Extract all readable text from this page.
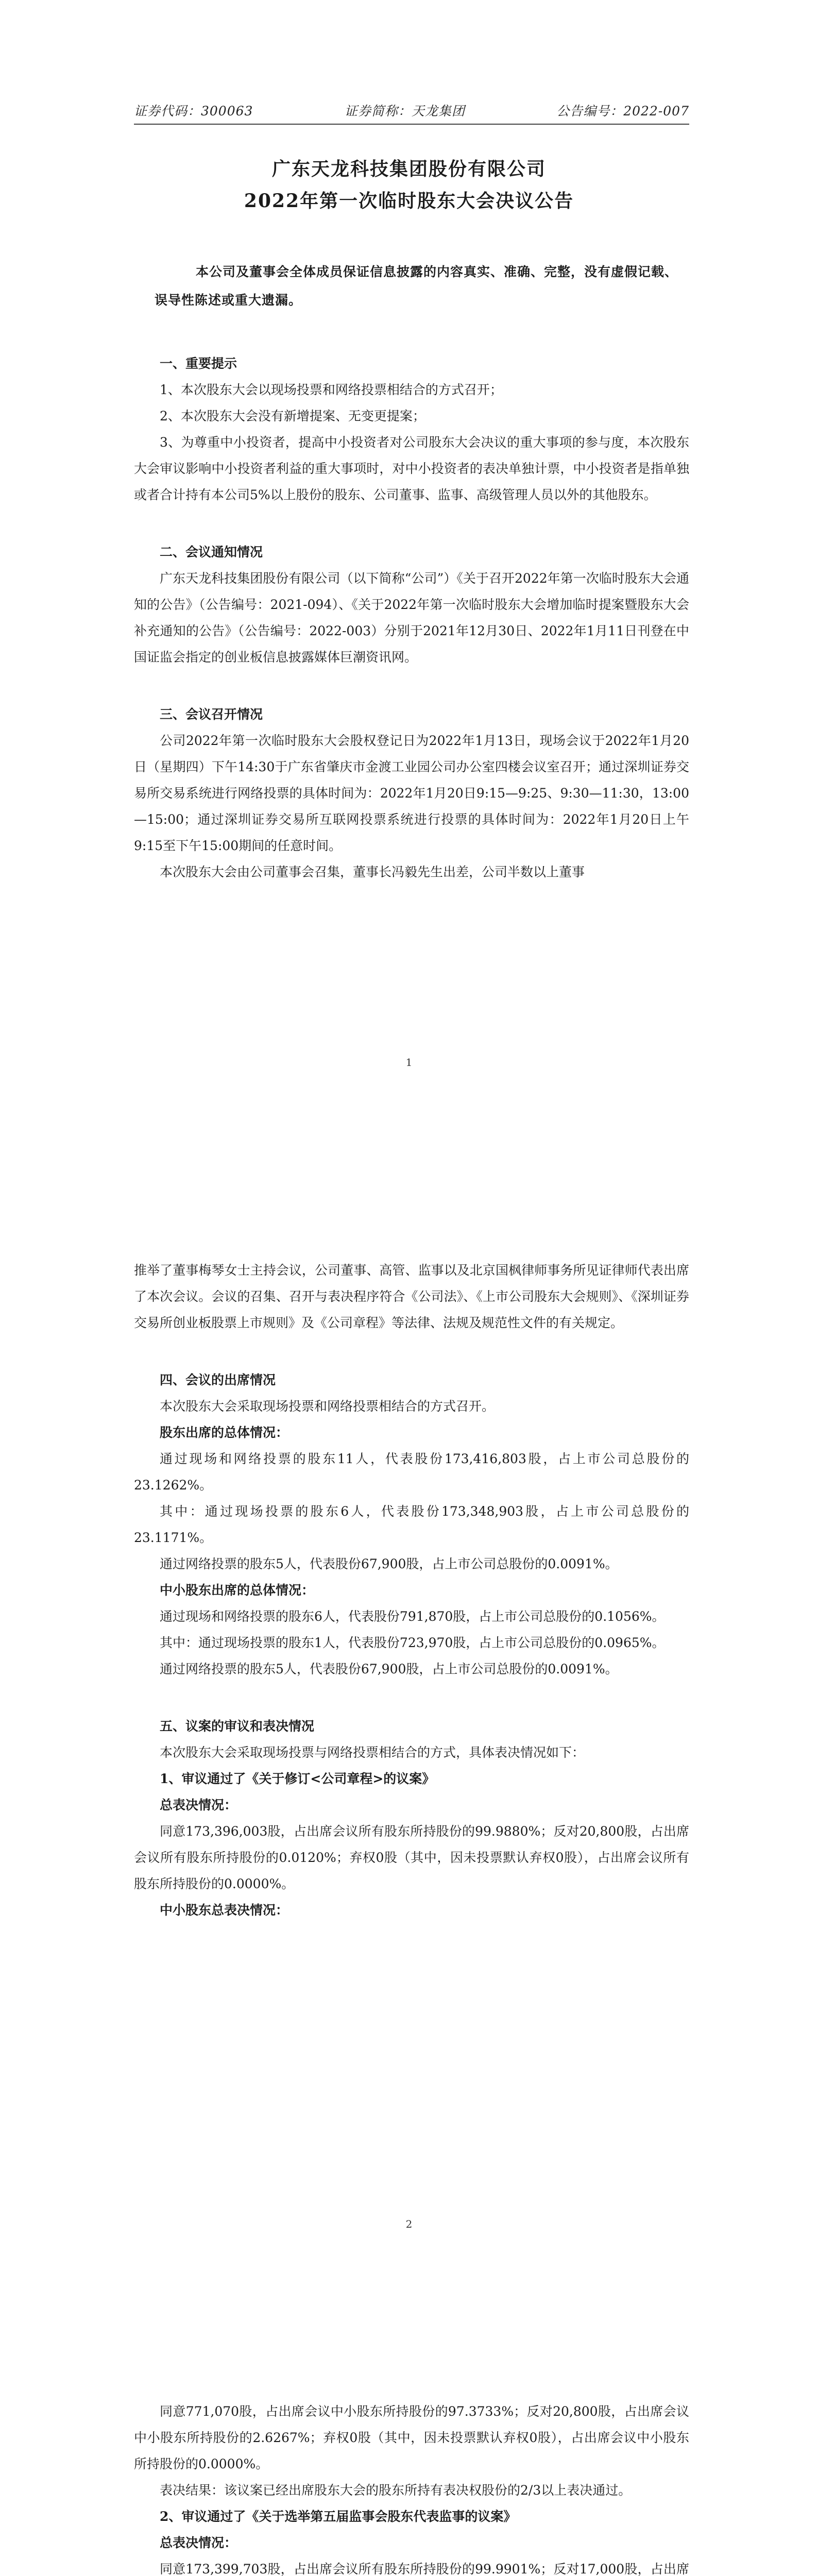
证券代码：300063	证券简称：天龙集团	公告编号：2022-007
广东天龙科技集团股份有限公司
2022年第一次临时股东大会决议公告

本公司及董事会全体成员保证信息披露的内容真实、准确、完整，没有虚假记载、误导性陈述或重大遗漏。

一、重要提示

1、本次股东大会以现场投票和网络投票相结合的方式召开；

2、本次股东大会没有新增提案、无变更提案；

3、为尊重中小投资者，提高中小投资者对公司股东大会决议的重大事项的参与度，本次股东大会审议影响中小投资者利益的重大事项时，对中小投资者的表决单独计票，中小投资者是指单独或者合计持有本公司5%以上股份的股东、公司董事、监事、高级管理人员以外的其他股东。

二、会议通知情况

广东天龙科技集团股份有限公司（以下简称“公司”）《关于召开2022年第一次临时股东大会通知的公告》（公告编号：2021-094）、《关于2022年第一次临时股东大会增加临时提案暨股东大会补充通知的公告》（公告编号：2022-003）分别于2021年12月30日、2022年1月11日刊登在中国证监会指定的创业板信息披露媒体巨潮资讯网。

三、会议召开情况

公司2022年第一次临时股东大会股权登记日为2022年1月13日，现场会议于2022年1月20日（星期四）下午14:30于广东省肇庆市金渡工业园公司办公室四楼会议室召开；通过深圳证券交易所交易系统进行网络投票的具体时间为：2022年1月20日9:15—9:25、9:30—11:30，13:00—15:00；通过深圳证券交易所互联网投票系统进行投票的具体时间为：2022年1月20日上午9:15至下午15:00期间的任意时间。

本次股东大会由公司董事会召集，董事长冯毅先生出差，公司半数以上董事

1

推举了董事梅琴女士主持会议，公司董事、高管、监事以及北京国枫律师事务所见证律师代表出席了本次会议。会议的召集、召开与表决程序符合《公司法》、《上市公司股东大会规则》、《深圳证券交易所创业板股票上市规则》及《公司章程》等法律、法规及规范性文件的有关规定。

四、会议的出席情况

本次股东大会采取现场投票和网络投票相结合的方式召开。

股东出席的总体情况：

通过现场和网络投票的股东11人，代表股份173,416,803股，占上市公司总股份的23.1262%。

其中：通过现场投票的股东6人，代表股份173,348,903股，占上市公司总股份的23.1171%。

通过网络投票的股东5人，代表股份67,900股，占上市公司总股份的0.0091%。

中小股东出席的总体情况：

通过现场和网络投票的股东6人，代表股份791,870股，占上市公司总股份的0.1056%。

其中：通过现场投票的股东1人，代表股份723,970股，占上市公司总股份的0.0965%。

通过网络投票的股东5人，代表股份67,900股，占上市公司总股份的0.0091%。

五、议案的审议和表决情况

本次股东大会采取现场投票与网络投票相结合的方式，具体表决情况如下：

1、审议通过了《关于修订<公司章程>的议案》
总表决情况：

同意173,396,003股，占出席会议所有股东所持股份的99.9880%；反对20,800股，占出席会议所有股东所持股份的0.0120%；弃权0股（其中，因未投票默认弃权0股），占出席会议所有股东所持股份的0.0000%。

中小股东总表决情况：
2

同意771,070股，占出席会议中小股东所持股份的97.3733%；反对20,800股，占出席会议中小股东所持股份的2.6267%；弃权0股（其中，因未投票默认弃权0股），占出席会议中小股东所持股份的0.0000%。

表决结果：该议案已经出席股东大会的股东所持有表决权股份的2/3以上表决通过。

2、审议通过了《关于选举第五届监事会股东代表监事的议案》
总表决情况：

同意173,399,703股，占出席会议所有股东所持股份的99.9901%；反对17,000股，占出席
